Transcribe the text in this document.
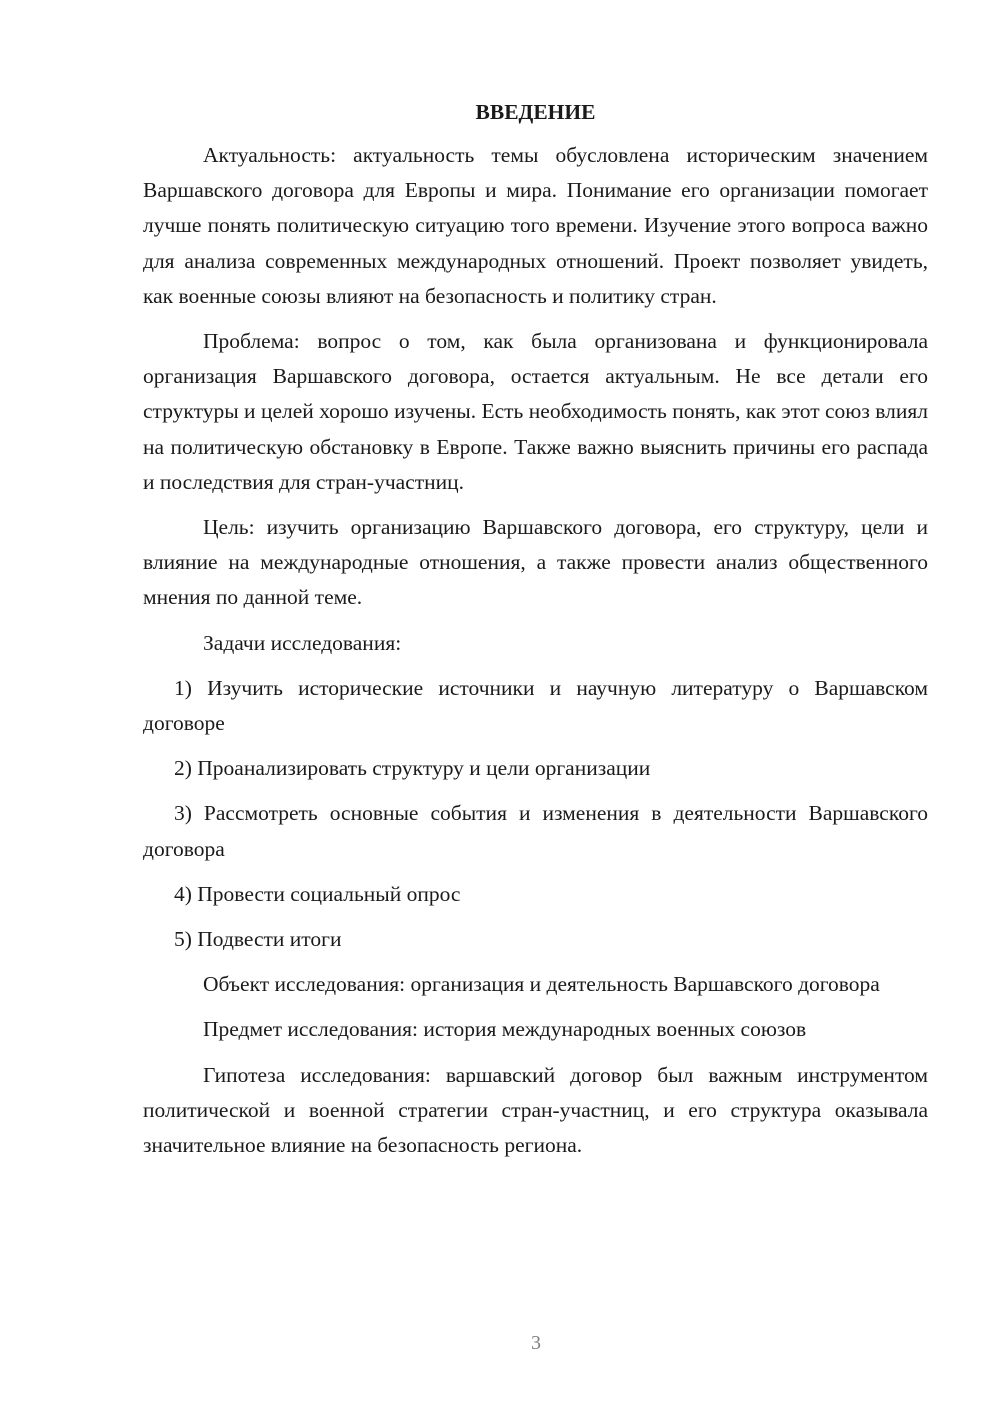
ВВЕДЕНИЕ

Актуальность: актуальность темы обусловлена историческим значением Варшавского договора для Европы и мира. Понимание его организации помогает лучше понять политическую ситуацию того времени. Изучение этого вопроса важно для анализа современных международных отношений. Проект позволяет увидеть, как военные союзы влияют на безопасность и политику стран.

Проблема: вопрос о том, как была организована и функционировала организация Варшавского договора, остается актуальным. Не все детали его структуры и целей хорошо изучены. Есть необходимость понять, как этот союз влиял на политическую обстановку в Европе. Также важно выяснить причины его распада и последствия для стран-участниц.

Цель: изучить организацию Варшавского договора, его структуру, цели и влияние на международные отношения, а также провести анализ общественного мнения по данной теме.

Задачи исследования:

1) Изучить исторические источники и научную литературу о Варшавском договоре

2) Проанализировать структуру и цели организации

3) Рассмотреть основные события и изменения в деятельности Варшавского договора

4) Провести социальный опрос

5) Подвести итоги

Объект исследования: организация и деятельность Варшавского договора

Предмет исследования: история международных военных союзов

Гипотеза исследования: варшавский договор был важным инструментом политической и военной стратегии стран-участниц, и его структура оказывала значительное влияние на безопасность региона.

3
